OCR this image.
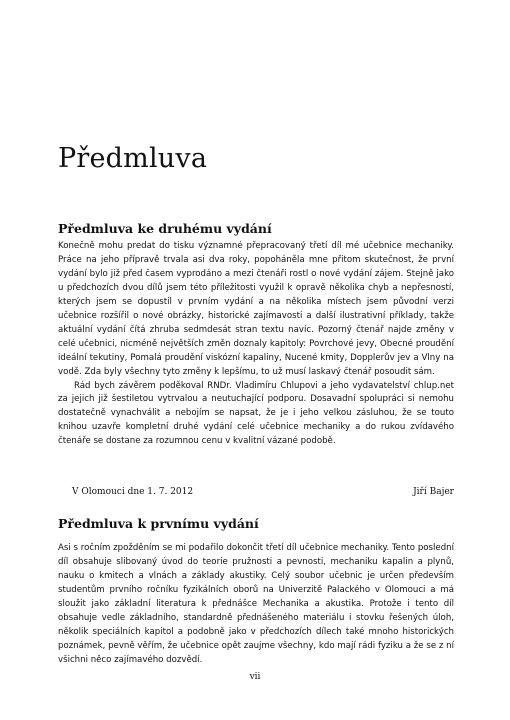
Předmluva
Předmluva ke druhému vydání

Konečně mohu predat do tisku významné přepracovaný třetí díl mé učebnice mechaniky. Práce na jeho přípravě trvala asi dva roky, popoháněla mne přitom skutečnost, že první vydání bylo již před časem vyprodáno a mezi čtenáři rostl o nové vydání zájem. Stejně jako u předchozích dvou dílů jsem této příležitosti využil k opravě několika chyb a nepřesností, kterých jsem se dopustil v prvním vydání a na několika místech jsem původní verzi učebnice rozšířil o nové obrázky, historické zajímavosti a další ilustrativní příklady, takže aktuální vydání čítá zhruba sedmdesát stran textu navíc. Pozorný čtenář najde změny v celé učebnici, nicméně největších změn doznaly kapitoly: Povrchové jevy, Obecné proudění ideální tekutiny, Pomalá proudění viskózní kapaliny, Nucené kmity, Dopplerův jev a Vlny na vodě. Zda byly všechny tyto změny k lepšímu, to už musí laskavý čtenář posoudit sám.

Rád bych závěrem poděkoval RNDr. Vladimíru Chlupovi a jeho vydavatelství chlup.net za jejich již šestiletou vytrvalou a neutuchající podporu. Dosavadní spolupráci si nemohu dostatečně vynachválit a nebojím se napsat, že je i jeho velkou zásluhou, že se touto knihou uzavře kompletní druhé vydání celé učebnice mechaniky a do rukou zvídavého čtenáře se dostane za rozumnou cenu v kvalitní vázané podobě.

V Olomouci dne 1. 7. 2012	Jiří Bajer
Předmluva k prvnímu vydání

Asi s ročním zpožděním se mi podařilo dokončit třetí díl učebnice mechaniky. Tento poslední díl obsahuje slibovaný úvod do teorie pružnosti a pevnosti, mechaniku kapalin a plynů, nauku o kmitech a vlnách a základy akustiky. Celý soubor učebnic je určen především studentům prvního ročníku fyzikálních oborů na Univerzitě Palackého v Olomouci a má sloužit jako základní literatura k přednášce Mechanika a akustika. Protože i tento díl obsahuje vedle základního, standardně přednášeného materiálu i stovku řešených úloh, několik speciálních kapitol a podobně jako v předchozích dílech také mnoho historických poznámek, pevně věřím, že učebnice opět zaujme všechny, kdo mají rádi fyziku a že se z ní všichni něco zajímavého dozvědí.

vii
